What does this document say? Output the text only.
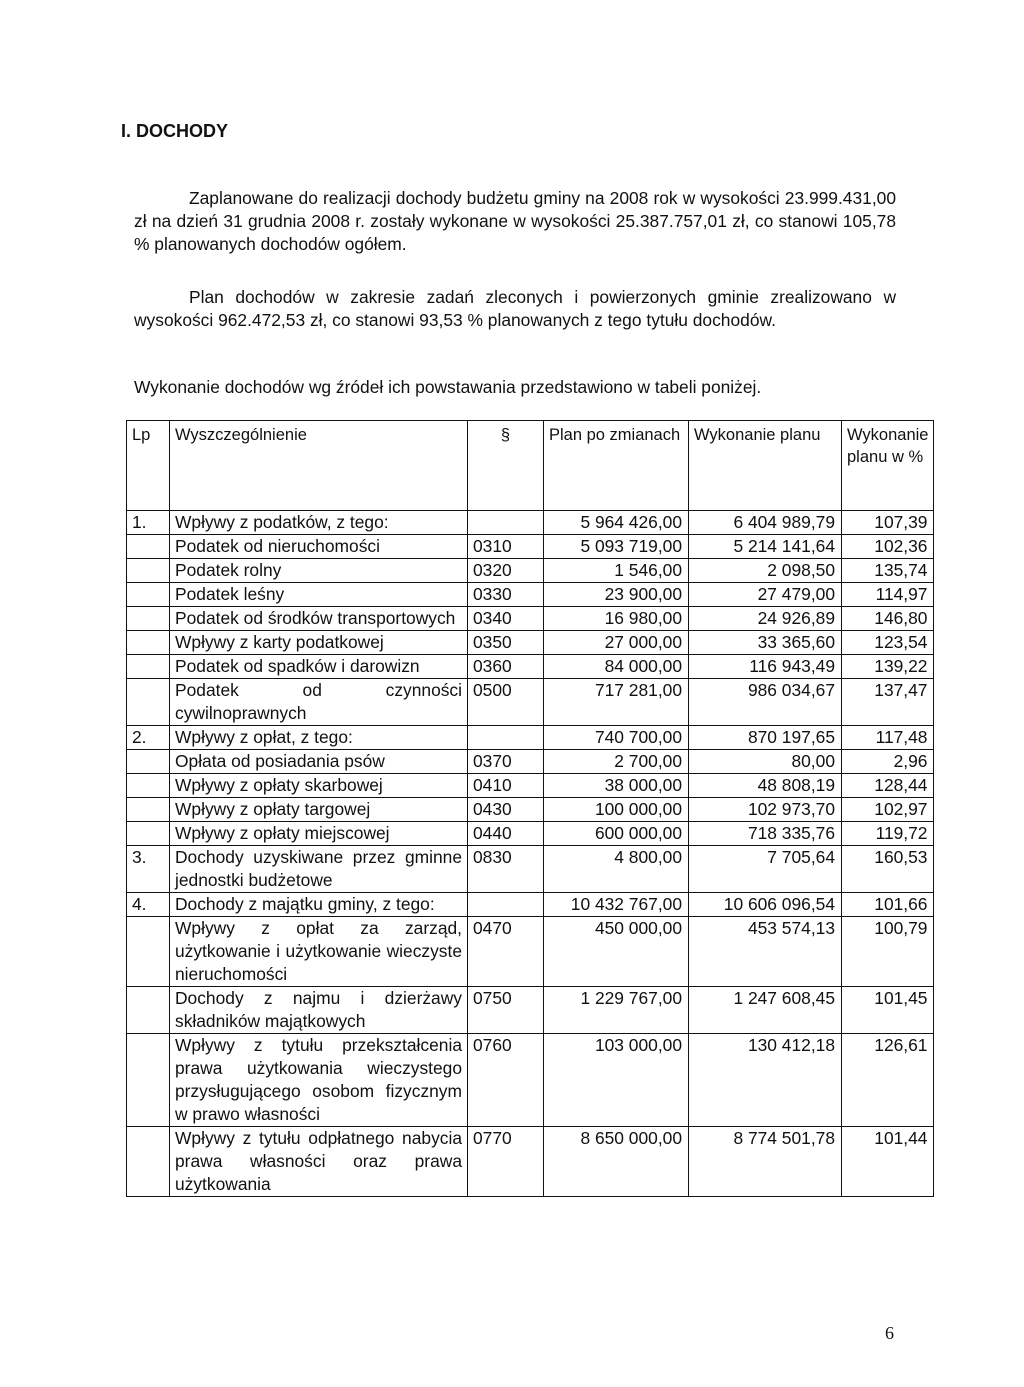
I. DOCHODY
Zaplanowane do realizacji dochody budżetu gminy na 2008 rok w wysokości 23.999.431,00 zł na dzień 31 grudnia 2008 r. zostały wykonane w wysokości 25.387.757,01 zł, co stanowi 105,78 % planowanych dochodów ogółem.
Plan dochodów w zakresie zadań zleconych i powierzonych gminie zrealizowano w wysokości 962.472,53 zł, co stanowi 93,53 % planowanych z tego tytułu dochodów.
Wykonanie dochodów wg źródeł ich powstawania przedstawiono w tabeli poniżej.
Lp	Wyszczególnienie	§	Plan po zmianach	Wykonanie planu	Wykonanie planu w %
1.	Wpływy z podatków, z tego:		5 964 426,00	6 404 989,79	107,39
	Podatek od nieruchomości	0310	5 093 719,00	5 214 141,64	102,36
	Podatek rolny	0320	1 546,00	2 098,50	135,74
	Podatek leśny	0330	23 900,00	27 479,00	114,97
	Podatek od środków transportowych	0340	16 980,00	24 926,89	146,80
	Wpływy z karty podatkowej	0350	27 000,00	33 365,60	123,54
	Podatek od spadków i darowizn	0360	84 000,00	116 943,49	139,22
	Podatek od czynności cywilnoprawnych	0500	717 281,00	986 034,67	137,47
2.	Wpływy z opłat, z tego:		740 700,00	870 197,65	117,48
	Opłata od posiadania psów	0370	2 700,00	80,00	2,96
	Wpływy z opłaty skarbowej	0410	38 000,00	48 808,19	128,44
	Wpływy z opłaty targowej	0430	100 000,00	102 973,70	102,97
	Wpływy z opłaty miejscowej	0440	600 000,00	718 335,76	119,72
3.	Dochody uzyskiwane przez gminne jednostki budżetowe	0830	4 800,00	7 705,64	160,53
4.	Dochody z majątku gminy, z tego:		10 432 767,00	10 606 096,54	101,66
	Wpływy z opłat za zarząd, użytkowanie i użytkowanie wieczyste nieruchomości	0470	450 000,00	453 574,13	100,79
	Dochody z najmu i dzierżawy składników majątkowych	0750	1 229 767,00	1 247 608,45	101,45
	Wpływy z tytułu przekształcenia prawa użytkowania wieczystego przysługującego osobom fizycznym w prawo własności	0760	103 000,00	130 412,18	126,61
	Wpływy z tytułu odpłatnego nabycia prawa własności oraz prawa użytkowania	0770	8 650 000,00	8 774 501,78	101,44
6
